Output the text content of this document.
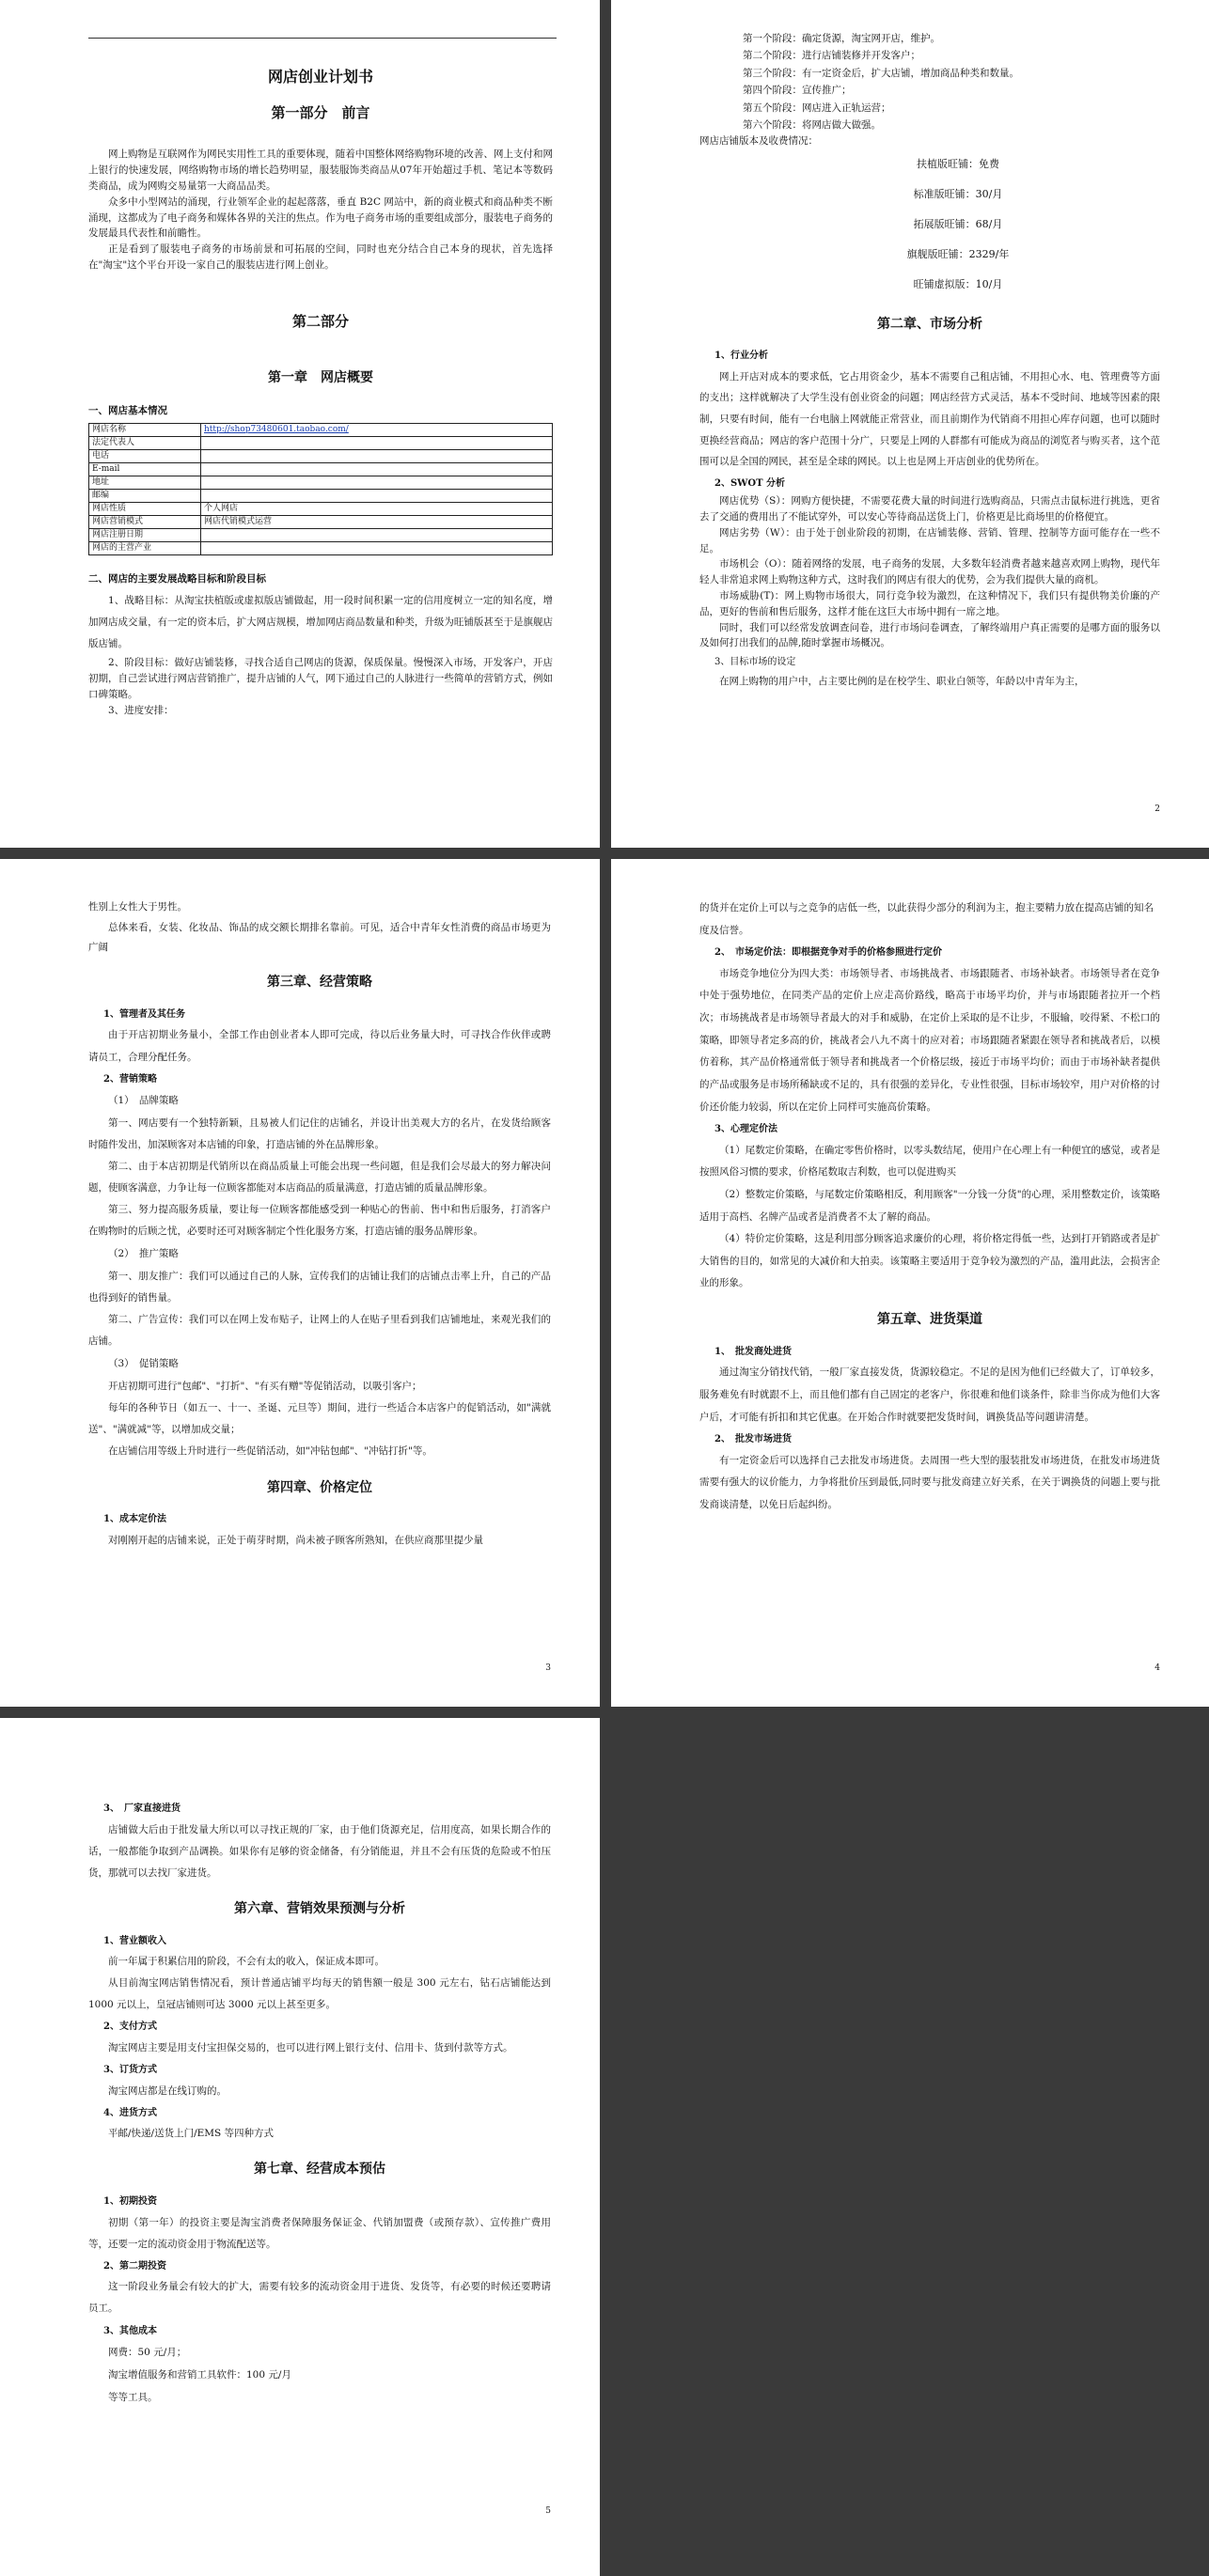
网店创业计划书
第一部分　前言

网上购物是互联网作为网民实用性工具的重要体现，随着中国整体网络购物环境的改善、网上支付和网上银行的快速发展，网络购物市场的增长趋势明显，服装服饰类商品从07年开始超过手机、笔记本等数码类商品，成为网购交易量第一大商品品类。

众多中小型网站的涌现，行业领军企业的起起落落，垂直 B2C 网站中，新的商业模式和商品种类不断涌现，这都成为了电子商务和媒体各界的关注的焦点。作为电子商务市场的重要组成部分，服装电子商务的发展最具代表性和前瞻性。

正是看到了服装电子商务的市场前景和可拓展的空间，同时也充分结合自己本身的现状，首先选择在"淘宝"这个平台开设一家自己的服装店进行网上创业。

第二部分
第一章　网店概要
一、网店基本情况
网店名称	http://shop73480601.taobao.com/
法定代表人	
电话	
E-mail	
地址	
邮编	
网店性质	个人网店
网店营销模式	网店代销模式运营
网店注册日期	
网店的主营产业	
二、网店的主要发展战略目标和阶段目标

1、战略目标：从淘宝扶植版或虚拟版店铺做起，用一段时间积累一定的信用度树立一定的知名度，增加网店成交量，有一定的资本后，扩大网店规模，增加网店商品数量和种类，升级为旺铺版甚至于是旗舰店版店铺。

2、阶段目标：做好店铺装修，寻找合适自己网店的货源，保质保量。慢慢深入市场，开发客户，开店初期，自己尝试进行网店营销推广，提升店铺的人气，网下通过自己的人脉进行一些简单的营销方式，例如口碑策略。

3、进度安排：

第一个阶段：确定货源，淘宝网开店，维护。
第二个阶段：进行店铺装修并开发客户；
第三个阶段：有一定资金后，扩大店铺，增加商品种类和数量。
第四个阶段：宣传推广；
第五个阶段：网店进入正轨运营；
第六个阶段：将网店做大做强。
网店店铺版本及收费情况：
扶植版旺铺：免费
标准版旺铺：30/月
拓展版旺铺：68/月
旗舰版旺铺：2329/年
旺铺虚拟版：10/月
第二章、市场分析
1、行业分析

网上开店对成本的要求低，它占用资金少，基本不需要自己租店铺，不用担心水、电、管理费等方面的支出；这样就解决了大学生没有创业资金的问题；网店经营方式灵活，基本不受时间、地域等因素的限制，只要有时间，能有一台电脑上网就能正常营业，而且前期作为代销商不用担心库存问题，也可以随时更换经营商品；网店的客户范围十分广，只要是上网的人群都有可能成为商品的浏览者与购买者，这个范围可以是全国的网民，甚至是全球的网民。以上也是网上开店创业的优势所在。

2、SWOT 分析

网店优势（S）：网购方便快捷，不需要花费大量的时间进行选购商品，只需点击鼠标进行挑选，更省去了交通的费用出了不能试穿外，可以安心等待商品送货上门，价格更是比商场里的价格便宜。

网店劣势（W）：由于处于创业阶段的初期，在店铺装修、营销、管理、控制等方面可能存在一些不足。

市场机会（O）：随着网络的发展，电子商务的发展，大多数年轻消费者越来越喜欢网上购物，现代年轻人非常追求网上购物这种方式，这时我们的网店有很大的优势，会为我们提供大量的商机。

市场威胁(T)：网上购物市场很大，同行竞争较为激烈，在这种情况下，我们只有提供物美价廉的产品，更好的售前和售后服务，这样才能在这巨大市场中拥有一席之地。

同时，我们可以经常发放调查问卷，进行市场问卷调查，了解终端用户真正需要的是哪方面的服务以及如何打出我们的品牌,随时掌握市场概况。

3、目标市场的设定

在网上购物的用户中，占主要比例的是在校学生、职业白领等，年龄以中青年为主，

2
性别上女性大于男性。

总体来看，女装、化妆品、饰品的成交额长期排名靠前。可见，适合中青年女性消费的商品市场更为广阔

第三章、经营策略
1、管理者及其任务

由于开店初期业务量小，全部工作由创业者本人即可完成，待以后业务量大时，可寻找合作伙伴或聘请员工，合理分配任务。

2、营销策略

（1）　品牌策略

第一、网店要有一个独特新颖，且易被人们记住的店铺名，并设计出美观大方的名片，在发货给顾客时随件发出，加深顾客对本店铺的印象，打造店铺的外在品牌形象。

第二、由于本店初期是代销所以在商品质量上可能会出现一些问题，但是我们会尽最大的努力解决问题，使顾客满意，力争让每一位顾客都能对本店商品的质量满意，打造店铺的质量品牌形象。

第三、努力提高服务质量，要让每一位顾客都能感受到一种贴心的售前、售中和售后服务，打消客户在购物时的后顾之忧，必要时还可对顾客制定个性化服务方案，打造店铺的服务品牌形象。

（2）　推广策略

第一、朋友推广：我们可以通过自己的人脉，宣传我们的店铺让我们的店铺点击率上升，自己的产品也得到好的销售量。

第二、广告宣传：我们可以在网上发布贴子，让网上的人在贴子里看到我们店铺地址，来观光我们的店铺。

（3）　促销策略

开店初期可进行"包邮"、"打折"、"有买有赠"等促销活动，以吸引客户；

每年的各种节日（如五一、十一、圣诞、元旦等）期间，进行一些适合本店客户的促销活动，如"满就送"、"满就减"等，以增加成交量；

在店铺信用等级上升时进行一些促销活动，如"冲钻包邮"、"冲钻打折"等。

第四章、价格定位
1、成本定价法

对刚刚开起的店铺来说，正处于萌芽时期，尚未被子顾客所熟知，在供应商那里提少量

3
的货并在定价上可以与之竞争的店低一些，以此获得少部分的利润为主，抱主要精力放在提高店铺的知名度及信誉。
2、　市场定价法：即根据竞争对手的价格参照进行定价

市场竞争地位分为四大类：市场领导者、市场挑战者、市场跟随者、市场补缺者。市场领导者在竞争中处于强势地位，在同类产品的定价上应走高价路线，略高于市场平均价，并与市场跟随者拉开一个档次；市场挑战者是市场领导者最大的对手和威胁，在定价上采取的是不让步，不服输，咬得紧、不松口的策略，即领导者定多高的价，挑战者会八九不离十的应对着；市场跟随者紧跟在领导者和挑战者后，以模仿着称，其产品价格通常低于领导者和挑战者一个价格层级，接近于市场平均价；而由于市场补缺者提供的产品或服务是市场所稀缺或不足的，具有很强的差异化，专业性很强，目标市场较窄，用户对价格的讨价还价能力较弱，所以在定价上同样可实施高价策略。

3、心理定价法

（1）尾数定价策略，在确定零售价格时，以零头数结尾，使用户在心理上有一种便宜的感觉，或者是按照风俗习惯的要求，价格尾数取吉利数，也可以促进购买

（2）整数定价策略，与尾数定价策略相反，利用顾客"一分钱一分货"的心理，采用整数定价，该策略适用于高档、名牌产品或者是消费者不太了解的商品。

（4）特价定价策略，这是利用部分顾客追求廉价的心理，将价格定得低一些，达到打开销路或者是扩大销售的目的，如常见的大减价和大拍卖。该策略主要适用于竞争较为激烈的产品，滥用此法，会损害企业的形象。

第五章、进货渠道
1、　批发商处进货

通过淘宝分销找代销，一般厂家直接发货，货源较稳定。不足的是因为他们已经做大了，订单较多，服务难免有时就跟不上，而且他们都有自己固定的老客户，你很难和他们谈条件，除非当你成为他们大客户后，才可能有折扣和其它优惠。在开始合作时就要把发货时间，调换货品等问题讲清楚。

2、　批发市场进货

有一定资金后可以选择自己去批发市场进货。去周围一些大型的服装批发市场进货，在批发市场进货需要有强大的议价能力，力争将批价压到最低,同时要与批发商建立好关系，在关于调换货的问题上要与批发商谈清楚，以免日后起纠纷。

4
3、　厂家直接进货

店铺做大后由于批发量大所以可以寻找正规的厂家，由于他们货源充足，信用度高，如果长期合作的话，一般都能争取到产品调换。如果你有足够的资金储备，有分销能退，并且不会有压货的危险或不怕压货，那就可以去找厂家进货。

第六章、营销效果预测与分析
1、营业额收入

前一年属于积累信用的阶段，不会有太的收入，保证成本即可。

从目前淘宝网店销售情况看，预计普通店铺平均每天的销售额一般是 300 元左右，钻石店铺能达到 1000 元以上，皇冠店铺则可达 3000 元以上甚至更多。

2、支付方式

淘宝网店主要是用支付宝担保交易的，也可以进行网上银行支付、信用卡、货到付款等方式。

3、订货方式

淘宝网店都是在线订购的。

4、进货方式

平邮/快递/送货上门/EMS 等四种方式

第七章、经营成本预估
1、初期投资

初期（第一年）的投资主要是淘宝消费者保障服务保证金、代销加盟费（或预存款）、宣传推广费用等，还要一定的流动资金用于物流配送等。

2、第二期投资

这一阶段业务量会有较大的扩大，需要有较多的流动资金用于进货、发货等，有必要的时候还要聘请员工。

3、其他成本

网费：50 元/月；

淘宝增值服务和营销工具软件：100 元/月

等等工具。

5
